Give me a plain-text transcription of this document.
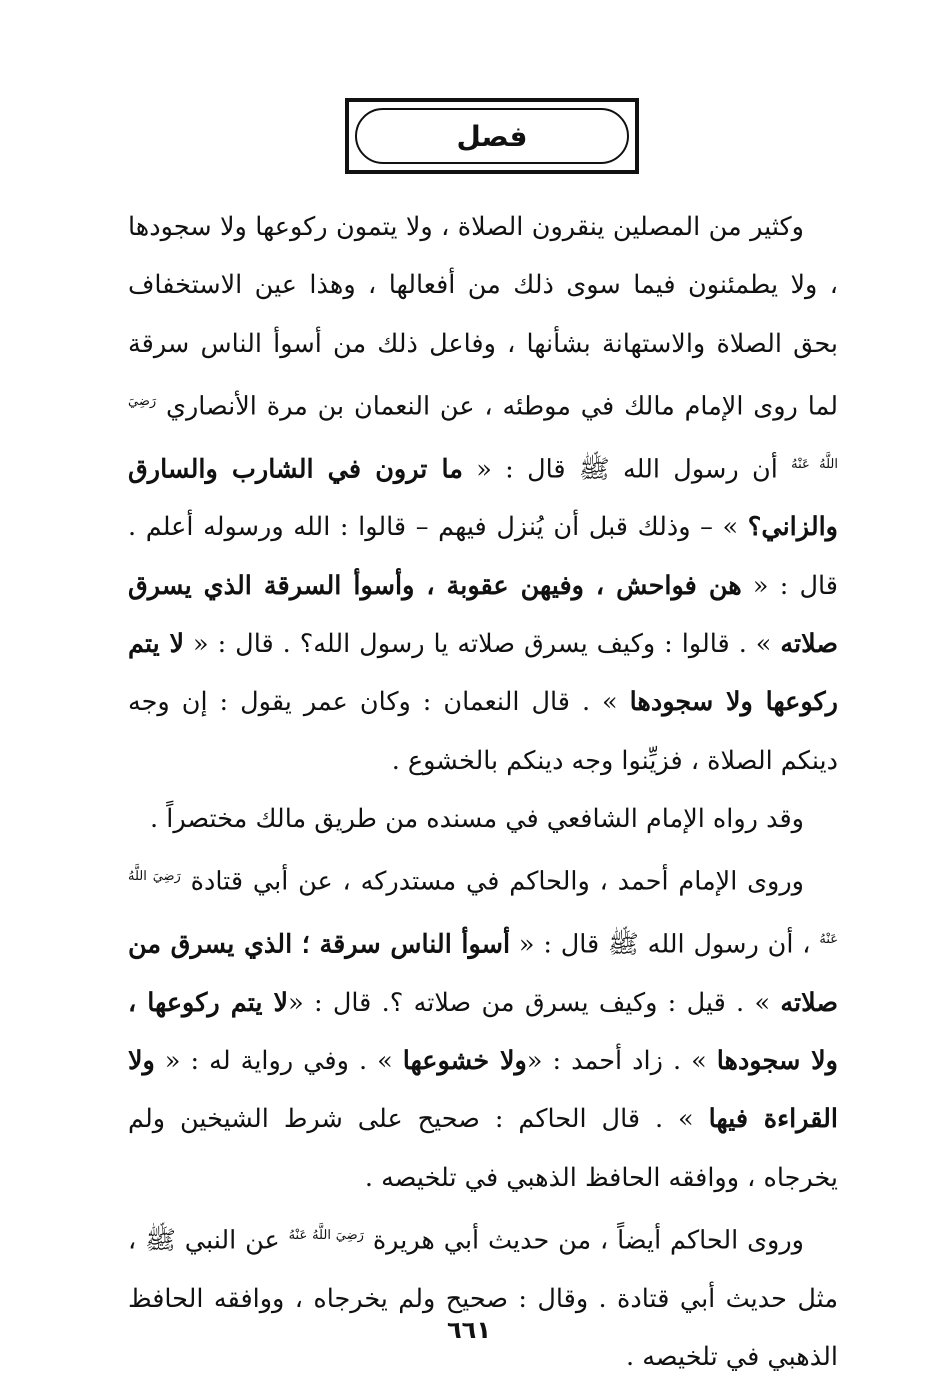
فصل

وكثير من المصلين ينقرون الصلاة ، ولا يتمون ركوعها ولا سجودها ، ولا يطمئنون فيما سوى ذلك من أفعالها ، وهذا عين الاستخفاف بحق الصلاة والاستهانة بشأنها ، وفاعل ذلك من أسوأ الناس سرقة لما روى الإمام مالك في موطئه ، عن النعمان بن مرة الأنصاري $^{رَضِيَ اللَّهُ عَنْهُ}$ أن رسول الله ﷺ قال : « ما ترون في الشارب والسارق والزاني؟ » – وذلك قبل أن يُنزل فيهم – قالوا : الله ورسوله أعلم . قال : « هن فواحش ، وفيهن عقوبة ، وأسوأ السرقة الذي يسرق صلاته » . قالوا : وكيف يسرق صلاته يا رسول الله؟ . قال : « لا يتم ركوعها ولا سجودها » . قال النعمان : وكان عمر يقول : إن وجه دينكم الصلاة ، فزيِّنوا وجه دينكم بالخشوع .

وقد رواه الإمام الشافعي في مسنده من طريق مالك مختصراً .

وروى الإمام أحمد ، والحاكم في مستدركه ، عن أبي قتادة $^{رَضِيَ اللَّهُ عَنْهُ}$ ، أن رسول الله ﷺ قال : « أسوأ الناس سرقة ؛ الذي يسرق من صلاته » . قيل : وكيف يسرق من صلاته ؟. قال : «لا يتم ركوعها ، ولا سجودها » . زاد أحمد : «ولا خشوعها » . وفي رواية له : « ولا القراءة فيها » . قال الحاكم : صحيح على شرط الشيخين ولم يخرجاه ، ووافقه الحافظ الذهبي في تلخيصه .

وروى الحاكم أيضاً ، من حديث أبي هريرة $^{رَضِيَ اللَّهُ عَنْهُ}$ عن النبي ﷺ ، مثل حديث أبي قتادة . وقال : صحيح ولم يخرجاه ، ووافقه الحافظ الذهبي في تلخيصه .

٦٦١
